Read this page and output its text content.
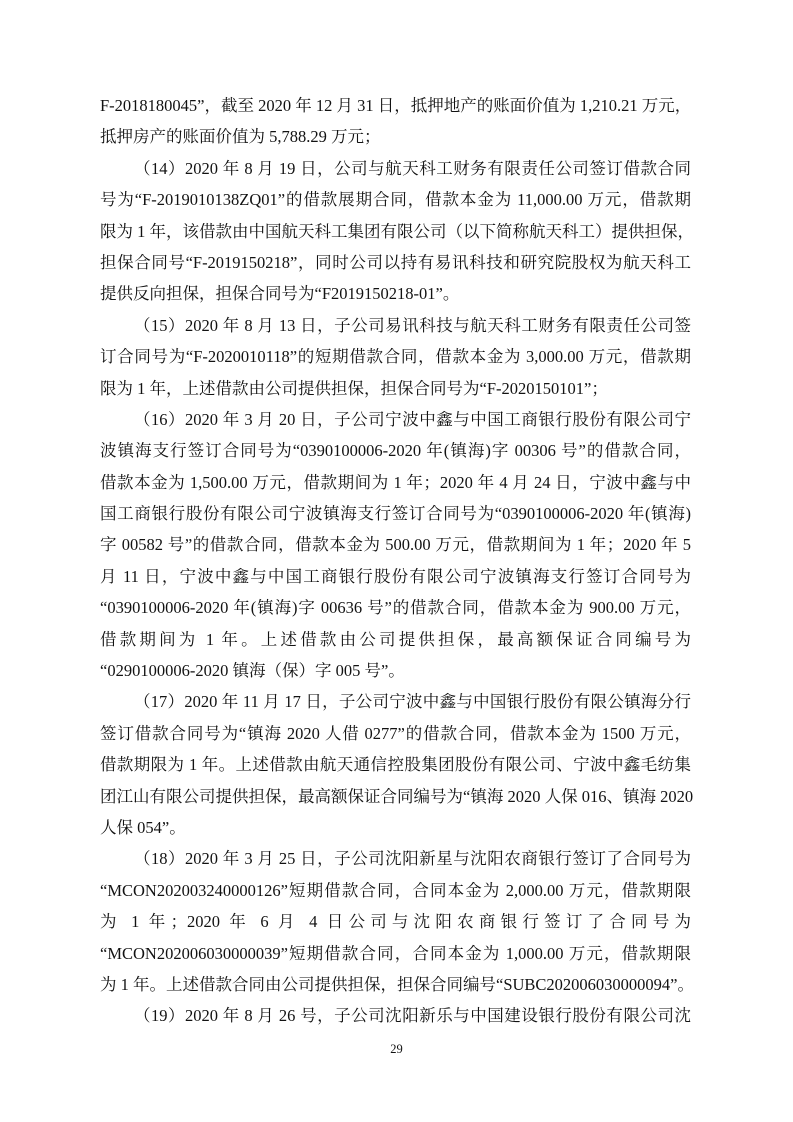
F-2018180045”，截至 2020 年 12 月 31 日，抵押地产的账面价值为 1,210.21 万元，
抵押房产的账面价值为 5,788.29 万元；
（14）2020 年 8 月 19 日，公司与航天科工财务有限责任公司签订借款合同
号为“F-2019010138ZQ01”的借款展期合同，借款本金为 11,000.00 万元，借款期
限为 1 年，该借款由中国航天科工集团有限公司（以下简称航天科工）提供担保，
担保合同号“F-2019150218”，同时公司以持有易讯科技和研究院股权为航天科工
提供反向担保，担保合同号为“F2019150218-01”。
（15）2020 年 8 月 13 日，子公司易讯科技与航天科工财务有限责任公司签
订合同号为“F-2020010118”的短期借款合同，借款本金为 3,000.00 万元，借款期
限为 1 年，上述借款由公司提供担保，担保合同号为“F-2020150101”；
（16）2020 年 3 月 20 日，子公司宁波中鑫与中国工商银行股份有限公司宁
波镇海支行签订合同号为“0390100006-2020 年(镇海)字 00306 号”的借款合同，
借款本金为 1,500.00 万元，借款期间为 1 年；2020 年 4 月 24 日，宁波中鑫与中
国工商银行股份有限公司宁波镇海支行签订合同号为“0390100006-2020 年(镇海)
字 00582 号”的借款合同，借款本金为 500.00 万元，借款期间为 1 年；2020 年 5
月 11 日，宁波中鑫与中国工商银行股份有限公司宁波镇海支行签订合同号为
“0390100006-2020 年(镇海)字 00636 号”的借款合同，借款本金为 900.00 万元，
借款期间为 1 年。上述借款由公司提供担保，最高额保证合同编号为
“0290100006-2020 镇海（保）字 005 号”。
（17）2020 年 11 月 17 日，子公司宁波中鑫与中国银行股份有限公镇海分行
签订借款合同号为“镇海 2020 人借 0277”的借款合同，借款本金为 1500 万元，
借款期限为 1 年。上述借款由航天通信控股集团股份有限公司、宁波中鑫毛纺集
团江山有限公司提供担保，最高额保证合同编号为“镇海 2020 人保 016、镇海 2020
人保 054”。
（18）2020 年 3 月 25 日，子公司沈阳新星与沈阳农商银行签订了合同号为
“MCON202003240000126”短期借款合同，合同本金为 2,000.00 万元，借款期限
为 1 年；2020 年 6 月 4 日公司与沈阳农商银行签订了合同号为
“MCON202006030000039”短期借款合同，合同本金为 1,000.00 万元，借款期限
为 1 年。上述借款合同由公司提供担保，担保合同编号“SUBC202006030000094”。
（19）2020 年 8 月 26 号，子公司沈阳新乐与中国建设银行股份有限公司沈
29
